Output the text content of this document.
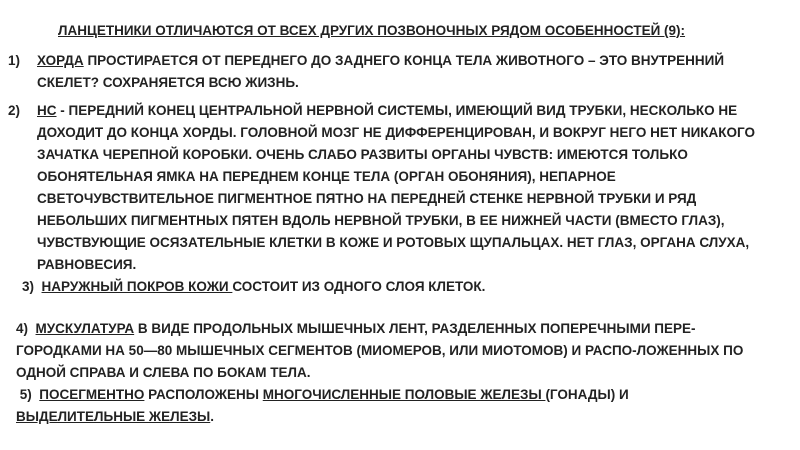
ЛАНЦЕТНИКИ ОТЛИЧАЮТСЯ ОТ ВСЕХ ДРУГИХ ПОЗВОНОЧНЫХ РЯДОМ ОСОБЕННОСТЕЙ (9):
1)	ХОРДА ПРОСТИРАЕТСЯ ОТ ПЕРЕДНЕГО ДО ЗАДНЕГО КОНЦА ТЕЛА ЖИВОТНОГО – ЭТО ВНУТРЕННИЙ СКЕЛЕТ? СОХРАНЯЕТСЯ ВСЮ ЖИЗНЬ.
2)	НС - ПЕРЕДНИЙ КОНЕЦ ЦЕНТРАЛЬНОЙ НЕРВНОЙ СИСТЕМЫ, ИМЕЮЩИЙ ВИД ТРУБКИ, НЕСКОЛЬКО НЕ ДОХОДИТ ДО КОНЦА ХОРДЫ. ГОЛОВНОЙ МОЗГ НЕ ДИФФЕРЕНЦИРОВАН, И ВОКРУГ НЕГО НЕТ НИКАКОГО ЗАЧАТКА ЧЕРЕПНОЙ КОРОБКИ. ОЧЕНЬ СЛАБО РАЗВИТЫ ОРГАНЫ ЧУВСТВ: ИМЕЮТСЯ ТОЛЬКО ОБОНЯТЕЛЬНАЯ ЯМКА НА ПЕРЕДНЕМ КОНЦЕ ТЕЛА (ОРГАН ОБОНЯНИЯ), НЕПАРНОЕ СВЕТОЧУВСТВИТЕЛЬНОЕ ПИГМЕНТНОЕ ПЯТНО НА ПЕРЕДНЕЙ СТЕНКЕ НЕРВНОЙ ТРУБКИ И РЯД НЕБОЛЬШИХ ПИГМЕНТНЫХ ПЯТЕН ВДОЛЬ НЕРВНОЙ ТРУБКИ, В ЕЕ НИЖНЕЙ ЧАСТИ (ВМЕСТО ГЛАЗ), ЧУВСТВУЮЩИЕ ОСЯЗАТЕЛЬНЫЕ КЛЕТКИ В КОЖЕ И РОТОВЫХ ЩУПАЛЬЦАХ. НЕТ ГЛАЗ, ОРГАНА СЛУХА, РАВНОВЕСИЯ.
3) НАРУЖНЫЙ ПОКРОВ КОЖИ СОСТОИТ ИЗ ОДНОГО СЛОЯ КЛЕТОК.
4) МУСКУЛАТУРА В ВИДЕ ПРОДОЛЬНЫХ МЫШЕЧНЫХ ЛЕНТ, РАЗДЕЛЕННЫХ ПОПЕРЕЧНЫМИ ПЕРЕ-ГОРОДКАМИ НА 50—80 МЫШЕЧНЫХ СЕГМЕНТОВ (МИОМЕРОВ, ИЛИ МИОТОМОВ) И РАСПО-ЛОЖЕННЫХ ПО ОДНОЙ СПРАВА И СЛЕВА ПО БОКАМ ТЕЛА.
5) ПОСЕГМЕНТНО РАСПОЛОЖЕНЫ МНОГОЧИСЛЕННЫЕ ПОЛОВЫЕ ЖЕЛЕЗЫ (ГОНАДЫ) И ВЫДЕЛИТЕЛЬНЫЕ ЖЕЛЕЗЫ.
